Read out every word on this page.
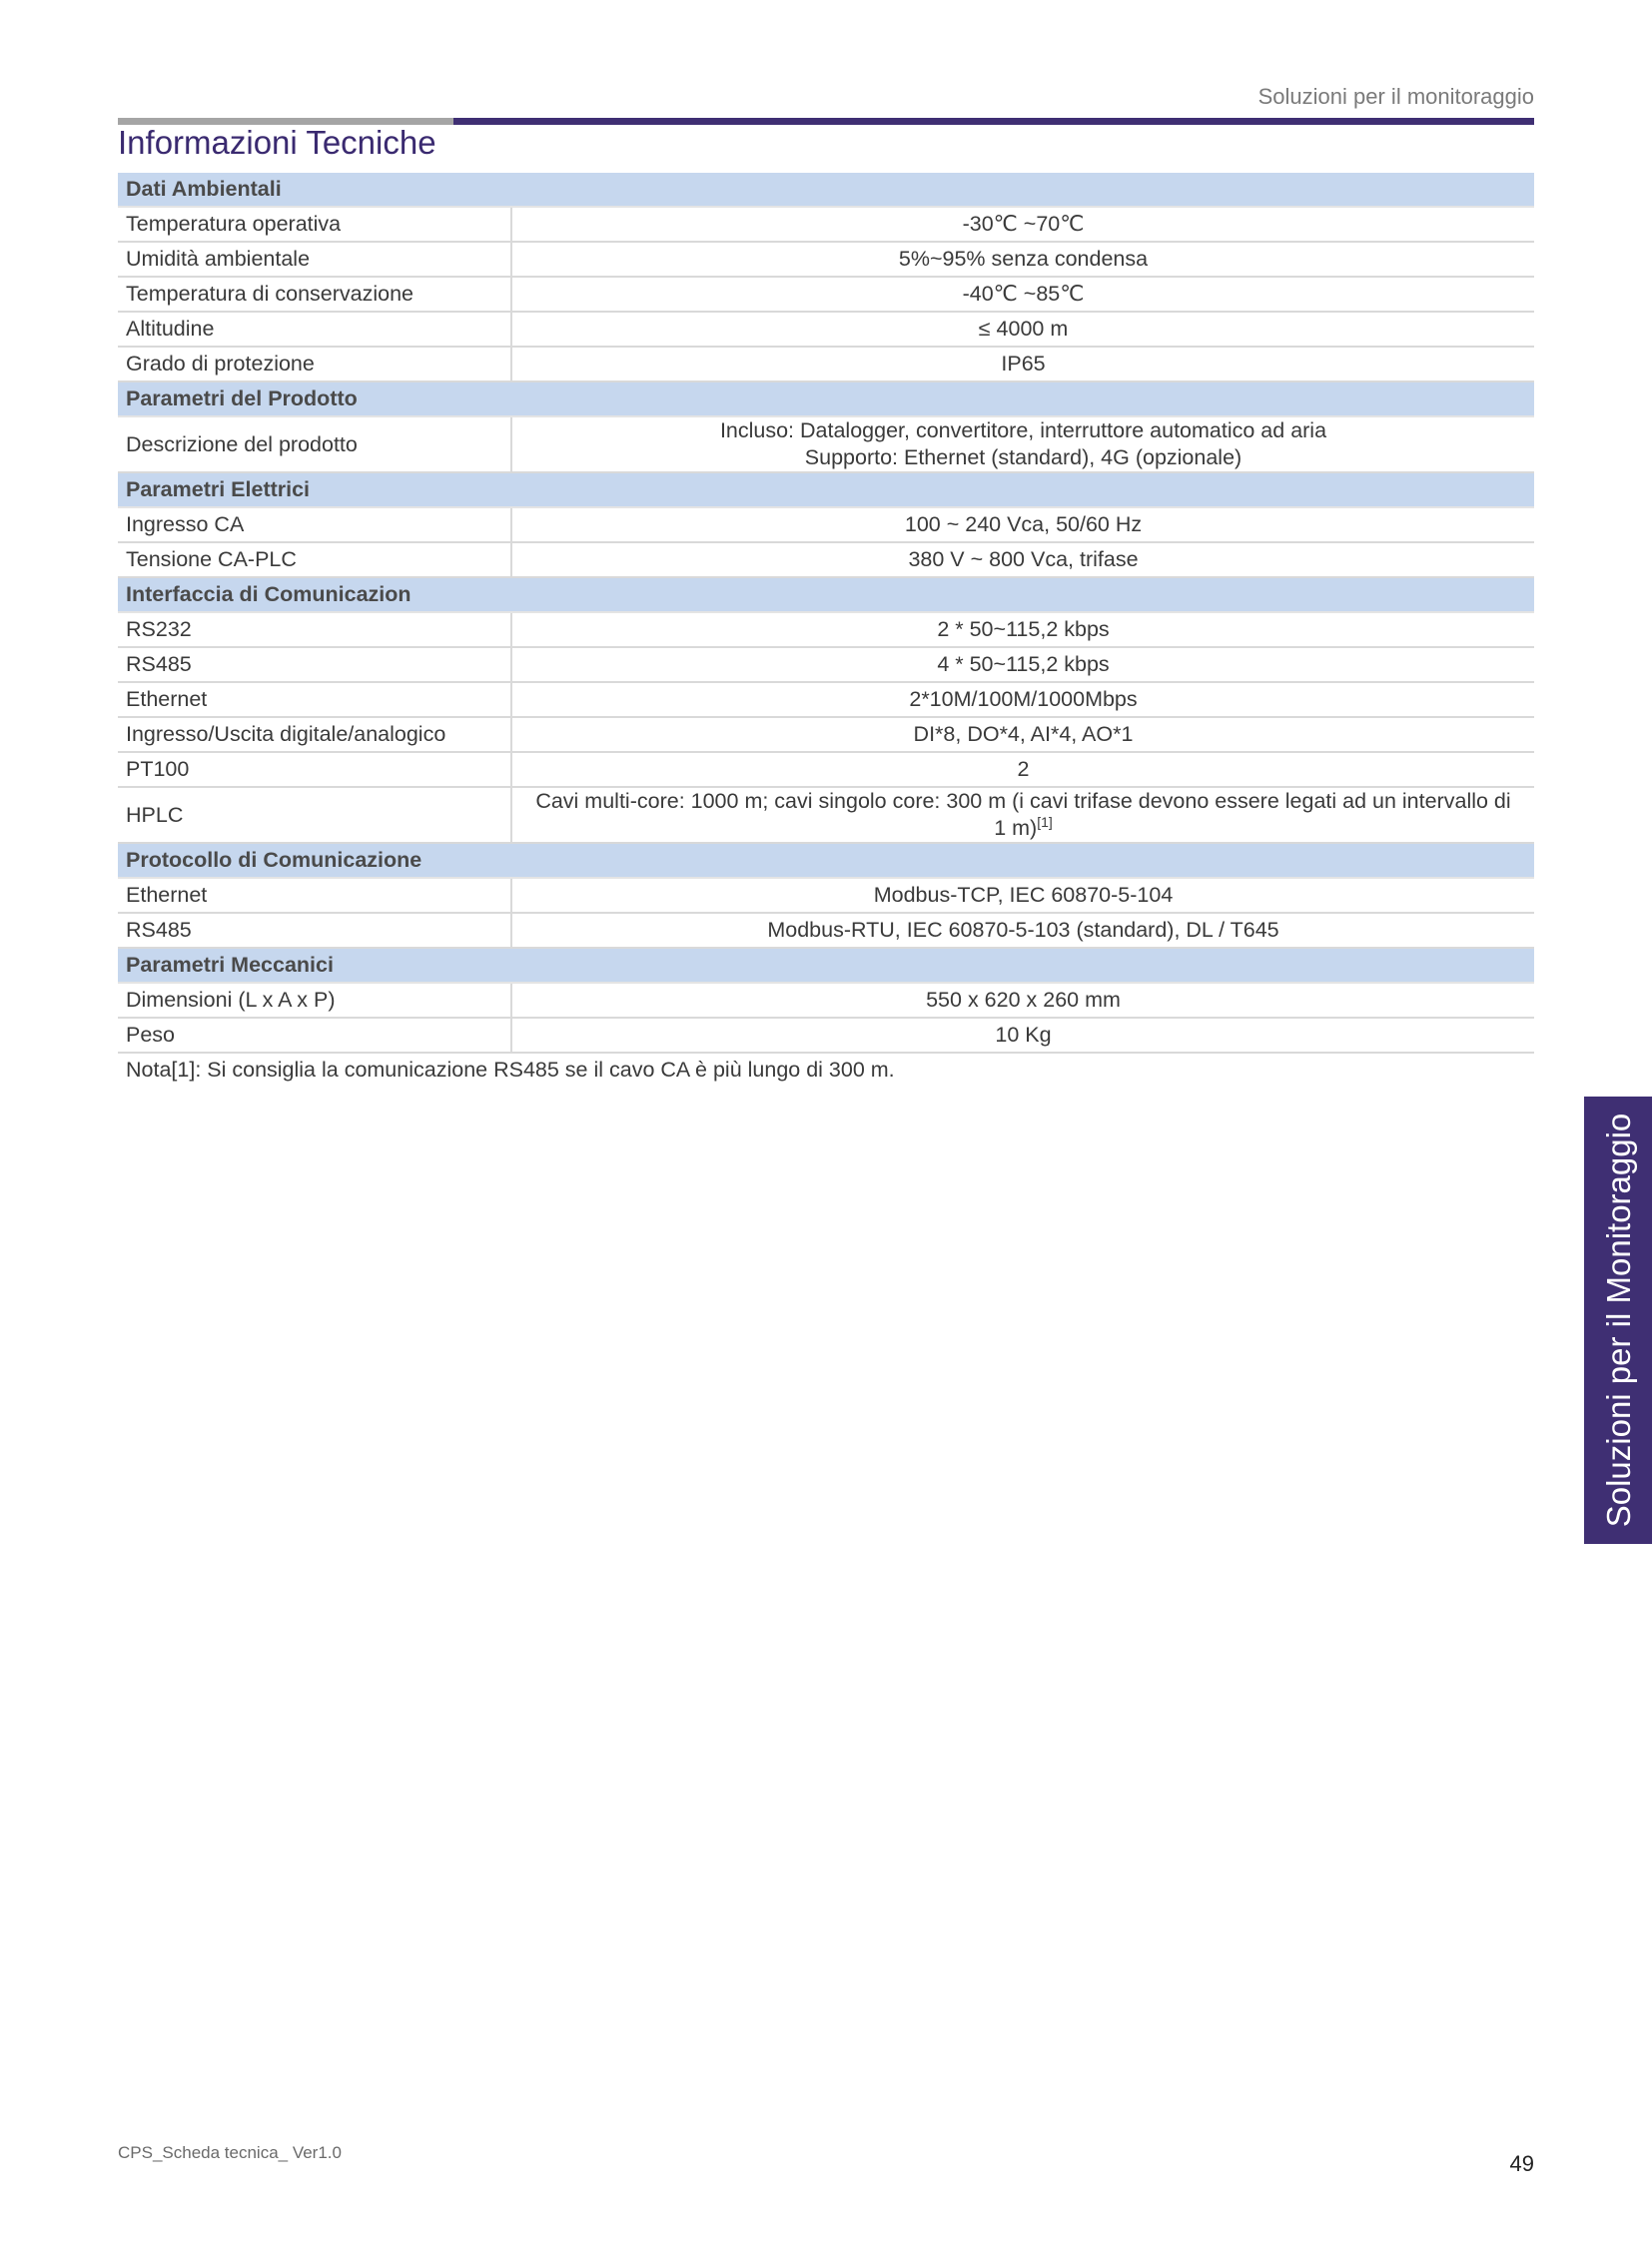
Soluzioni per il monitoraggio
Informazioni Tecniche
Dati Ambientali	
Temperatura operativa	-30℃ ~70℃
Umidità ambientale	5%~95% senza condensa
Temperatura di conservazione	-40℃ ~85℃
Altitudine	≤ 4000 m
Grado di protezione	IP65
Parametri del Prodotto	
Descrizione del prodotto	Incluso: Datalogger, convertitore, interruttore automatico ad aria
Supporto: Ethernet (standard), 4G (opzionale)

Parametri Elettrici	
Ingresso CA	100 ~ 240 Vca, 50/60 Hz
Tensione CA-PLC	380 V ~ 800 Vca, trifase
Interfaccia di Comunicazion	
RS232	2 * 50~115,2 kbps
RS485	4 * 50~115,2 kbps
Ethernet	2*10M/100M/1000Mbps
Ingresso/Uscita digitale/analogico	DI*8, DO*4, AI*4, AO*1
PT100	2
HPLC	Cavi multi-core: 1000 m; cavi singolo core: 300 m (i cavi trifase devono essere legati ad un intervallo di
1 m)[1]

Protocollo di Comunicazione	
Ethernet	Modbus-TCP, IEC 60870-5-104
RS485	Modbus-RTU, IEC 60870-5-103 (standard), DL / T645
Parametri Meccanici	
Dimensioni (L x A x P)	550 x 620 x 260 mm
Peso	10 Kg
Nota[1]: Si consiglia la comunicazione RS485 se il cavo CA è più lungo di 300 m.	
Soluzioni per il Monitoraggio
CPS_Scheda tecnica_ Ver1.0	49
